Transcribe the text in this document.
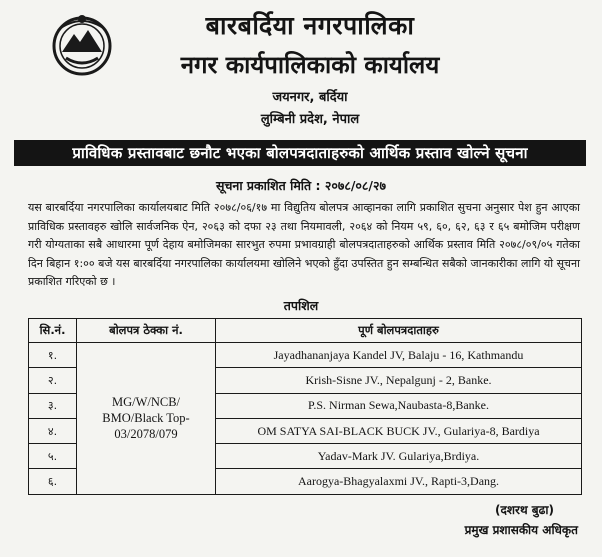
बारबर्दिया नगरपालिका
नगर कार्यपालिकाको कार्यालय
जयनगर, बर्दिया
लुम्बिनी प्रदेश, नेपाल
प्राविधिक प्रस्तावबाट छनौट भएका बोलपत्रदाताहरुको आर्थिक प्रस्ताव खोल्ने सूचना
सूचना प्रकाशित मिति : २०७८/०८/२७

यस बारबर्दिया नगरपालिका कार्यालयबाट मिति २०७८/०६/१७ मा विद्युतिय बोलपत्र आव्हानका लागि प्रकाशित सुचना अनुसार पेश हुन आएका प्राविधिक प्रस्तावहरु खोलि सार्वजनिक ऐन, २०६३ को दफा २३ तथा नियमावली, २०६४ को नियम ५९, ६०, ६२, ६३ र ६५ बमोजिम परीक्षण गरी योग्यताका सबै आधारमा पूर्ण देहाय बमोजिमका सारभुत रुपमा प्रभावग्राही बोलपत्रदाताहरुको आर्थिक प्रस्ताव मिति २०७८/०९/०५ गतेका दिन बिहान १:०० बजे यस बारबर्दिया नगरपालिका कार्यालयमा खोलिने भएको हुँदा उपस्तित हुन सम्बन्धित सबैको जानकारीका लागि यो सूचना प्रकाशित गरिएको छ ।

तपशिल
सि.नं.	बोलपत्र ठेक्का नं.	पूर्ण बोलपत्रदाताहरु
१.	MG/W/NCB/
BMO/Black Top-
03/2078/079	Jayadhananjaya Kandel JV, Balaju - 16, Kathmandu
२.		Krish-Sisne JV., Nepalgunj - 2, Banke.
३.		P.S. Nirman Sewa,Naubasta-8,Banke.
४.		OM SATYA SAI-BLACK BUCK JV., Gulariya-8, Bardiya
५.		Yadav-Mark JV. Gulariya,Brdiya.
६.		Aarogya-Bhagyalaxmi JV., Rapti-3,Dang.
(दशरथ बुढा)
प्रमुख प्रशासकीय अधिकृत
